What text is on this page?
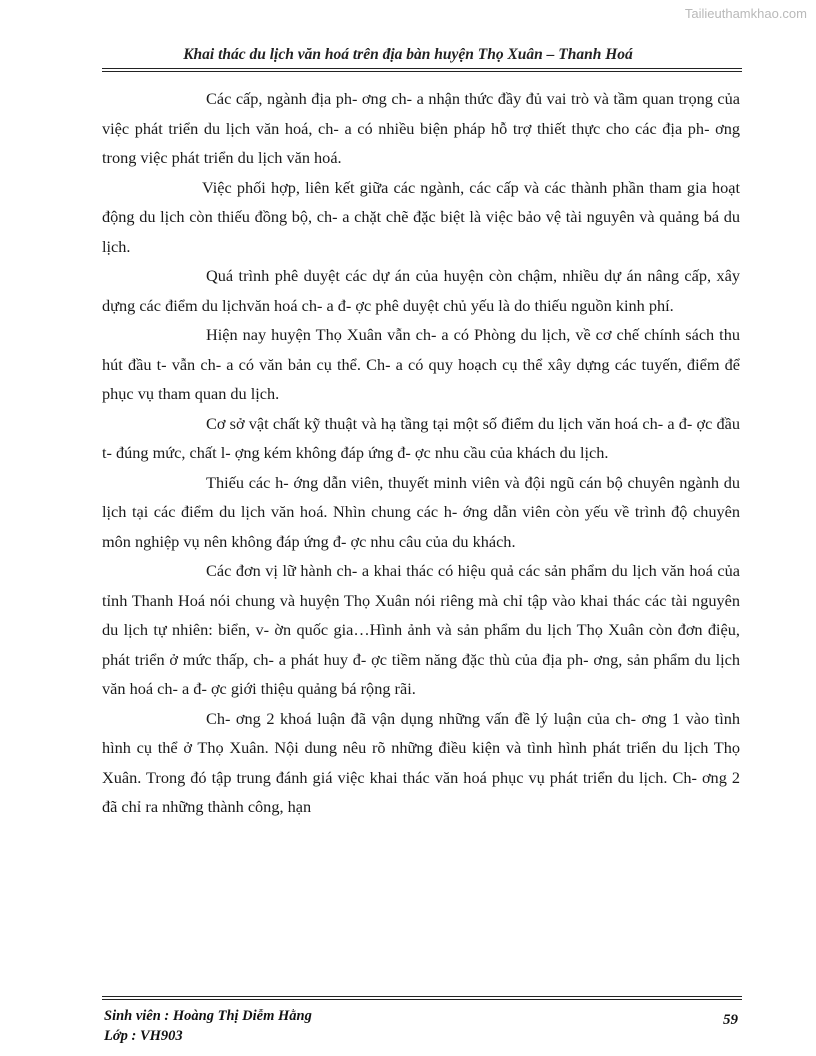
Tailieuthamkhao.com
Khai thác du lịch văn hoá trên địa bàn huyện Thọ Xuân – Thanh Hoá

Các cấp, ngành địa ph- ơng ch- a nhận thức đầy đủ vai trò và tầm quan trọng của việc phát triển du lịch văn hoá, ch- a có nhiều biện pháp hỗ trợ thiết thực cho các địa ph- ơng trong việc phát triển du lịch văn hoá.

Việc phối hợp, liên kết giữa các ngành, các cấp và các thành phần tham gia hoạt động du lịch còn thiếu đồng bộ, ch- a chặt chẽ đặc biệt là việc bảo vệ tài nguyên và quảng bá du lịch.

Quá trình phê duyệt các dự án của huyện còn chậm, nhiều dự án nâng cấp, xây dựng các điểm du lịchvăn hoá ch- a đ- ợc phê duyệt chủ yếu là do thiếu nguồn kinh phí.

Hiện nay huyện Thọ Xuân vẫn ch- a có Phòng du lịch, về cơ chế chính sách thu hút đầu t- vẫn ch- a có văn bản cụ thể. Ch- a có quy hoạch cụ thể xây dựng các tuyến, điểm để phục vụ tham quan du lịch.

Cơ sở vật chất kỹ thuật và hạ tầng tại một số điểm du lịch văn hoá ch- a đ- ợc đầu t- đúng mức, chất l- ợng kém không đáp ứng đ- ợc nhu cầu của khách du lịch.

Thiếu các h- ớng dẫn viên, thuyết minh viên và đội ngũ cán bộ chuyên ngành du lịch tại các điểm du lịch văn hoá. Nhìn chung các h- ớng dẫn viên còn yếu về trình độ chuyên môn nghiệp vụ nên không đáp ứng đ- ợc nhu câu của du khách.

Các đơn vị lữ hành ch- a khai thác có hiệu quả các sản phẩm du lịch văn hoá của tỉnh Thanh Hoá nói chung và huyện Thọ Xuân nói riêng mà chỉ tập vào khai thác các tài nguyên du lịch tự nhiên: biển, v- ờn quốc gia…Hình ảnh và sản phẩm du lịch Thọ Xuân còn đơn điệu, phát triển ở mức thấp, ch- a phát huy đ- ợc tiềm năng đặc thù của địa ph- ơng, sản phẩm du lịch văn hoá ch- a đ- ợc giới thiệu quảng bá rộng rãi.

Ch- ơng 2 khoá luận đã vận dụng những vấn đề lý luận của ch- ơng 1 vào tình hình cụ thể ở Thọ Xuân. Nội dung nêu rõ những điều kiện và tình hình phát triển du lịch Thọ Xuân. Trong đó tập trung đánh giá việc khai thác văn hoá phục vụ phát triển du lịch. Ch- ơng 2 đã chỉ ra những thành công, hạn

Sinh viên : Hoàng Thị Diễm Hằng
Lớp : VH903
59
